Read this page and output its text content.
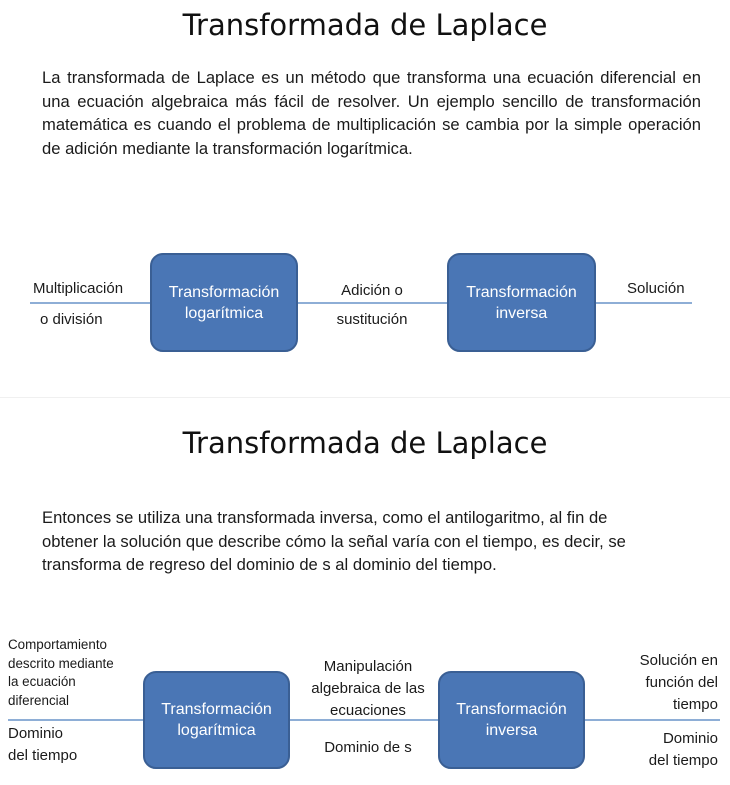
Transformada de Laplace
La transformada de Laplace es un método que transforma una ecuación diferencial en una ecuación algebraica más fácil de resolver. Un ejemplo sencillo de transformación matemática es cuando el problema de multiplicación se cambia por la simple operación de adición mediante la transformación logarítmica.
Multiplicación
o división
Transformación logarítmica
Adición o
sustitución
Transformación inversa
Solución
Transformada de Laplace
Entonces se utiliza una transformada inversa, como el antilogaritmo, al fin de obtener la solución que describe cómo la señal varía con el tiempo, es decir, se transforma de regreso del dominio de s al dominio del tiempo.
Comportamiento
descrito mediante
la ecuación
diferencial
Dominio
del tiempo
Transformación logarítmica
Manipulación
algebraica de las
ecuaciones
Dominio de s
Transformación inversa
Solución en
función del
tiempo
Dominio
del tiempo
